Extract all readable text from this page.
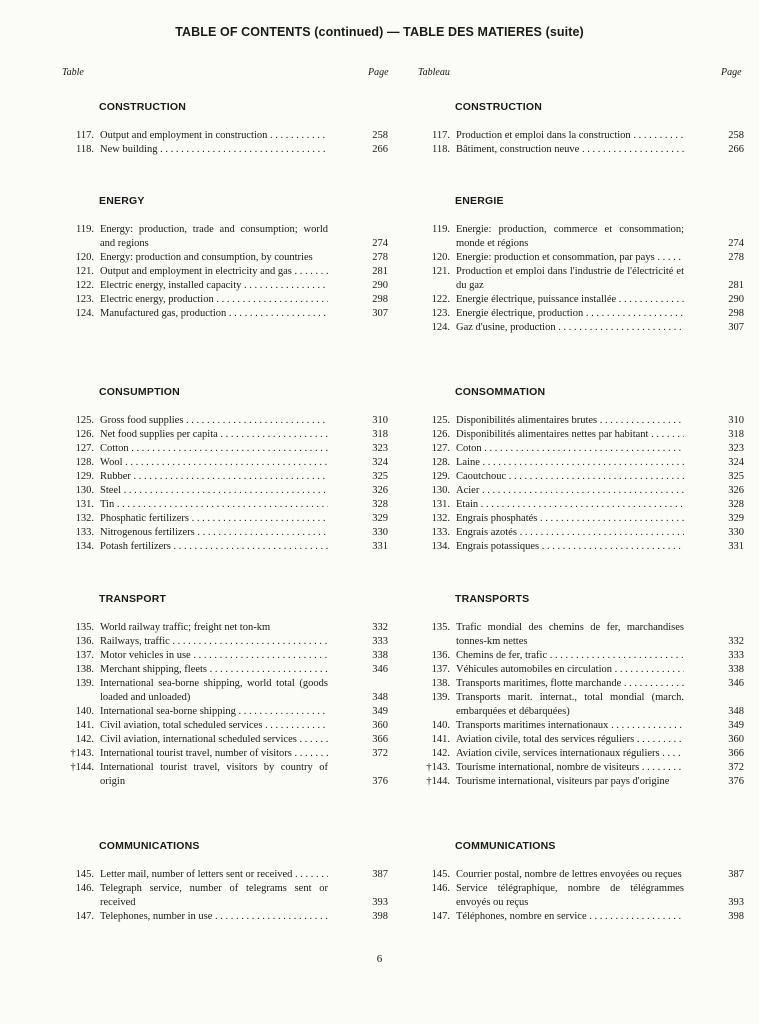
TABLE OF CONTENTS (continued) — TABLE DES MATIERES (suite)
Table	Page	Tableau	Page
CONSTRUCTION	CONSTRUCTION
117. Output and employment in construction . . .	258
118. New building . . .	266
117. Production et emploi dans la construction . . .	258
118. Bâtiment, construction neuve . . .	266
ENERGY	ENERGIE
119. Energy: production, trade and consumption; world and regions	274
120. Energy: production and consumption, by countries	278
121. Output and employment in electricity and gas . . .	281
122. Electric energy, installed capacity . . .	290
123. Electric energy, production . . .	298
124. Manufactured gas, production . . .	307
119. Energie: production, commerce et consommation; monde et régions	274
120. Energie: production et consommation, par pays . . .	278
121. Production et emploi dans l'industrie de l'électricité et du gaz	281
122. Energie électrique, puissance installée . . .	290
123. Energie électrique, production . . .	298
124. Gaz d'usine, production . . .	307
CONSUMPTION	CONSOMMATION
125. Gross food supplies . . .	310
126. Net food supplies per capita . . .	318
127. Cotton . . .	323
128. Wool . . .	324
129. Rubber . . .	325
130. Steel . . .	326
131. Tin . . .	328
132. Phosphatic fertilizers . . .	329
133. Nitrogenous fertilizers . . .	330
134. Potash fertilizers . . .	331
125. Disponibilités alimentaires brutes . . .	310
126. Disponibilités alimentaires nettes par habitant . . .	318
127. Coton . . .	323
128. Laine . . .	324
129. Caoutchouc . . .	325
130. Acier . . .	326
131. Etain . . .	328
132. Engrais phosphatés . . .	329
133. Engrais azotés . . .	330
134. Engrais potassiques . . .	331
TRANSPORT	TRANSPORTS
135. World railway traffic; freight net ton-km	332
136. Railways, traffic . . .	333
137. Motor vehicles in use . . .	338
138. Merchant shipping, fleets . . .	346
139. International sea-borne shipping, world total (goods loaded and unloaded)	348
140. International sea-borne shipping . . .	349
141. Civil aviation, total scheduled services . . .	360
142. Civil aviation, international scheduled services . . .	366
†143. International tourist travel, number of visitors . . .	372
†144. International tourist travel, visitors by country of origin	376
135. Trafic mondial des chemins de fer, marchandises tonnes-km nettes	332
136. Chemins de fer, trafic . . .	333
137. Véhicules automobiles en circulation . . .	338
138. Transports maritimes, flotte marchande . . .	346
139. Transports marit. internat., total mondial (march. embarquées et débarquées)	348
140. Transports maritimes internationaux . . .	349
141. Aviation civile, total des services réguliers . . .	360
142. Aviation civile, services internationaux réguliers . . .	366
†143. Tourisme international, nombre de visiteurs . . .	372
†144. Tourisme international, visiteurs par pays d'origine	376
COMMUNICATIONS	COMMUNICATIONS
145. Letter mail, number of letters sent or received . . .	387
146. Telegraph service, number of telegrams sent or received	393
147. Telephones, number in use . . .	398
145. Courrier postal, nombre de lettres envoyées ou reçues	387
146. Service télégraphique, nombre de télégrammes envoyés ou reçus	393
147. Téléphones, nombre en service . . .	398
6
